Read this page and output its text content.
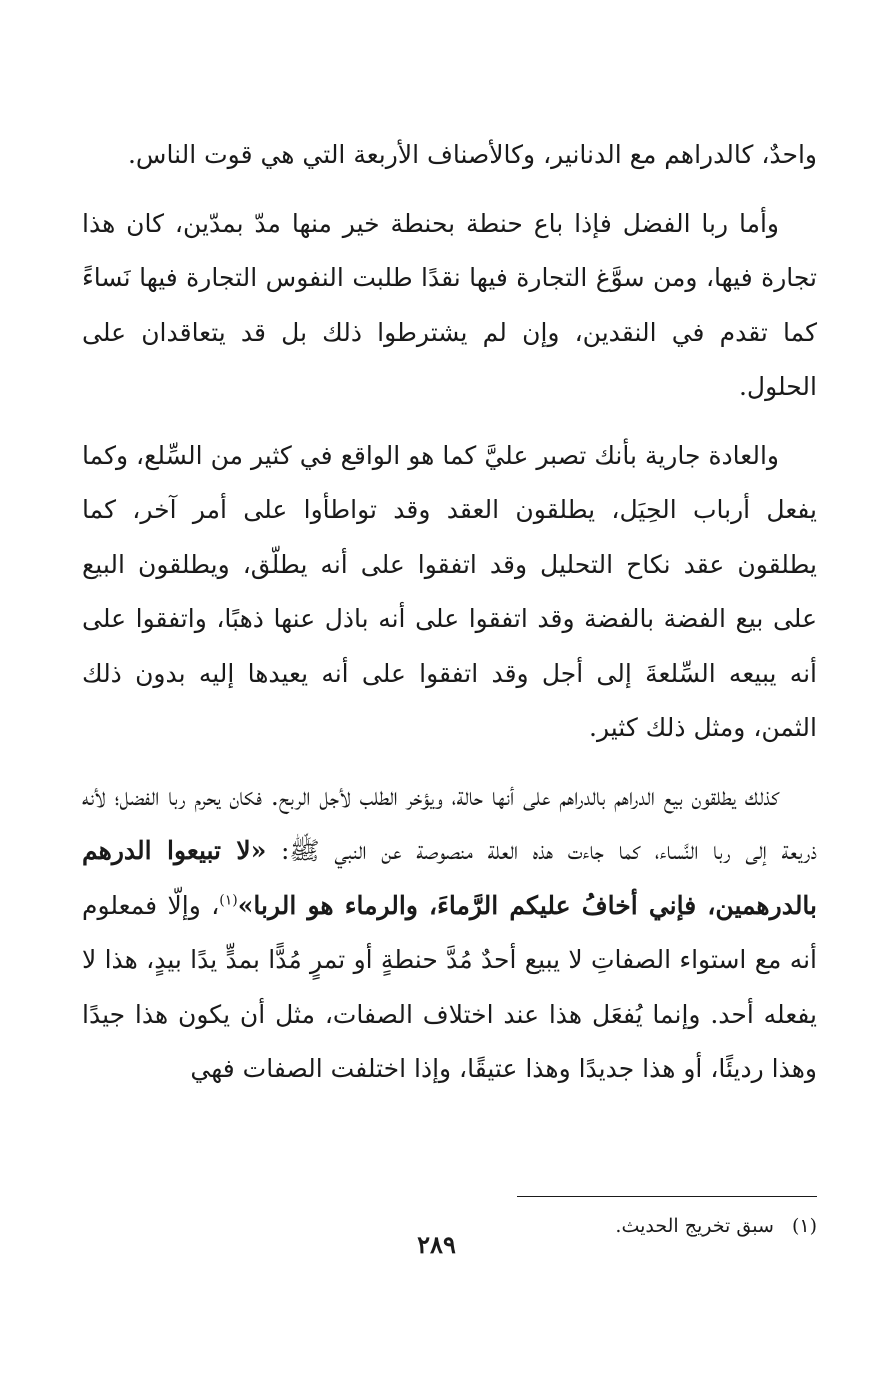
واحدٌ، كالدراهم مع الدنانير، وكالأصناف الأربعة التي هي قوت الناس.

وأما ربا الفضل فإذا باع حنطة بحنطة خير منها مدّ بمدّين، كان هذا تجارة فيها، ومن سوَّغ التجارة فيها نقدًا طلبت النفوس التجارة فيها نَساءً كما تقدم في النقدين، وإن لم يشترطوا ذلك بل قد يتعاقدان على الحلول.

والعادة جارية بأنك تصبر عليَّ كما هو الواقع في كثير من السِّلع، وكما يفعل أرباب الحِيَل، يطلقون العقد وقد تواطأوا على أمر آخر، كما يطلقون عقد نكاح التحليل وقد اتفقوا على أنه يطلّق، ويطلقون البيع على بيع الفضة بالفضة وقد اتفقوا على أنه باذل عنها ذهبًا، واتفقوا على أنه يبيعه السِّلعةَ إلى أجل وقد اتفقوا على أنه يعيدها إليه بدون ذلك الثمن، ومثل ذلك كثير.

كذلك يطلقون بيع الدراهم بالدراهم على أنها حالة، ويؤخر الطلب لأجل الربح. فكان يحرم ربا الفضل؛ لأنه ذريعة إلى ربا النَّساء، كما جاءت هذه العلة منصوصة عن النبي ﷺ: «لا تبيعوا الدرهم بالدرهمين، فإني أخافُ عليكم الرَّماءَ، والرماء هو الربا»$^{(١)}$، وإلّا فمعلوم أنه مع استواء الصفاتِ لا يبيع أحدٌ مُدَّ حنطةٍ أو تمرٍ مُدًّا بمدٍّ يدًا بيدٍ، هذا لا يفعله أحد. وإنما يُفعَل هذا عند اختلاف الصفات، مثل أن يكون هذا جيدًا وهذا رديئًا، أو هذا جديدًا وهذا عتيقًا، وإذا اختلفت الصفات فهي

(١) سبق تخريج الحديث.
٢٨٩
